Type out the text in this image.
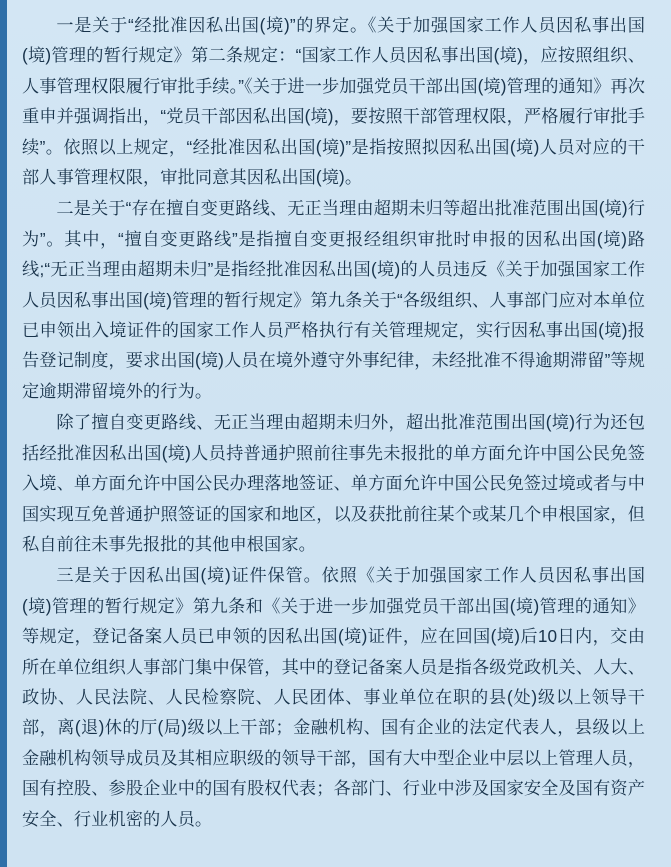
一是关于“经批准因私出国(境)”的界定。《关于加强国家工作人员因私事出国(境)管理的暂行规定》第二条规定：“国家工作人员因私事出国(境)，应按照组织、人事管理权限履行审批手续。”《关于进一步加强党员干部出国(境)管理的通知》再次重申并强调指出，“党员干部因私出国(境)，要按照干部管理权限，严格履行审批手续”。依照以上规定，“经批准因私出国(境)”是指按照拟因私出国(境)人员对应的干部人事管理权限，审批同意其因私出国(境)。

二是关于“存在擅自变更路线、无正当理由超期未归等超出批准范围出国(境)行为”。其中，“擅自变更路线”是指擅自变更报经组织审批时申报的因私出国(境)路线;“无正当理由超期未归”是指经批准因私出国(境)的人员违反《关于加强国家工作人员因私事出国(境)管理的暂行规定》第九条关于“各级组织、人事部门应对本单位已申领出入境证件的国家工作人员严格执行有关管理规定，实行因私事出国(境)报告登记制度，要求出国(境)人员在境外遵守外事纪律，未经批准不得逾期滞留”等规定逾期滞留境外的行为。

除了擅自变更路线、无正当理由超期未归外，超出批准范围出国(境)行为还包括经批准因私出国(境)人员持普通护照前往事先未报批的单方面允许中国公民免签入境、单方面允许中国公民办理落地签证、单方面允许中国公民免签过境或者与中国实现互免普通护照签证的国家和地区，以及获批前往某个或某几个申根国家，但私自前往未事先报批的其他申根国家。

三是关于因私出国(境)证件保管。依照《关于加强国家工作人员因私事出国(境)管理的暂行规定》第九条和《关于进一步加强党员干部出国(境)管理的通知》等规定，登记备案人员已申领的因私出国(境)证件，应在回国(境)后10日内，交由所在单位组织人事部门集中保管，其中的登记备案人员是指各级党政机关、人大、政协、人民法院、人民检察院、人民团体、事业单位在职的县(处)级以上领导干部，离(退)休的厅(局)级以上干部；金融机构、国有企业的法定代表人，县级以上金融机构领导成员及其相应职级的领导干部，国有大中型企业中层以上管理人员，国有控股、参股企业中的国有股权代表；各部门、行业中涉及国家安全及国有资产安全、行业机密的人员。
